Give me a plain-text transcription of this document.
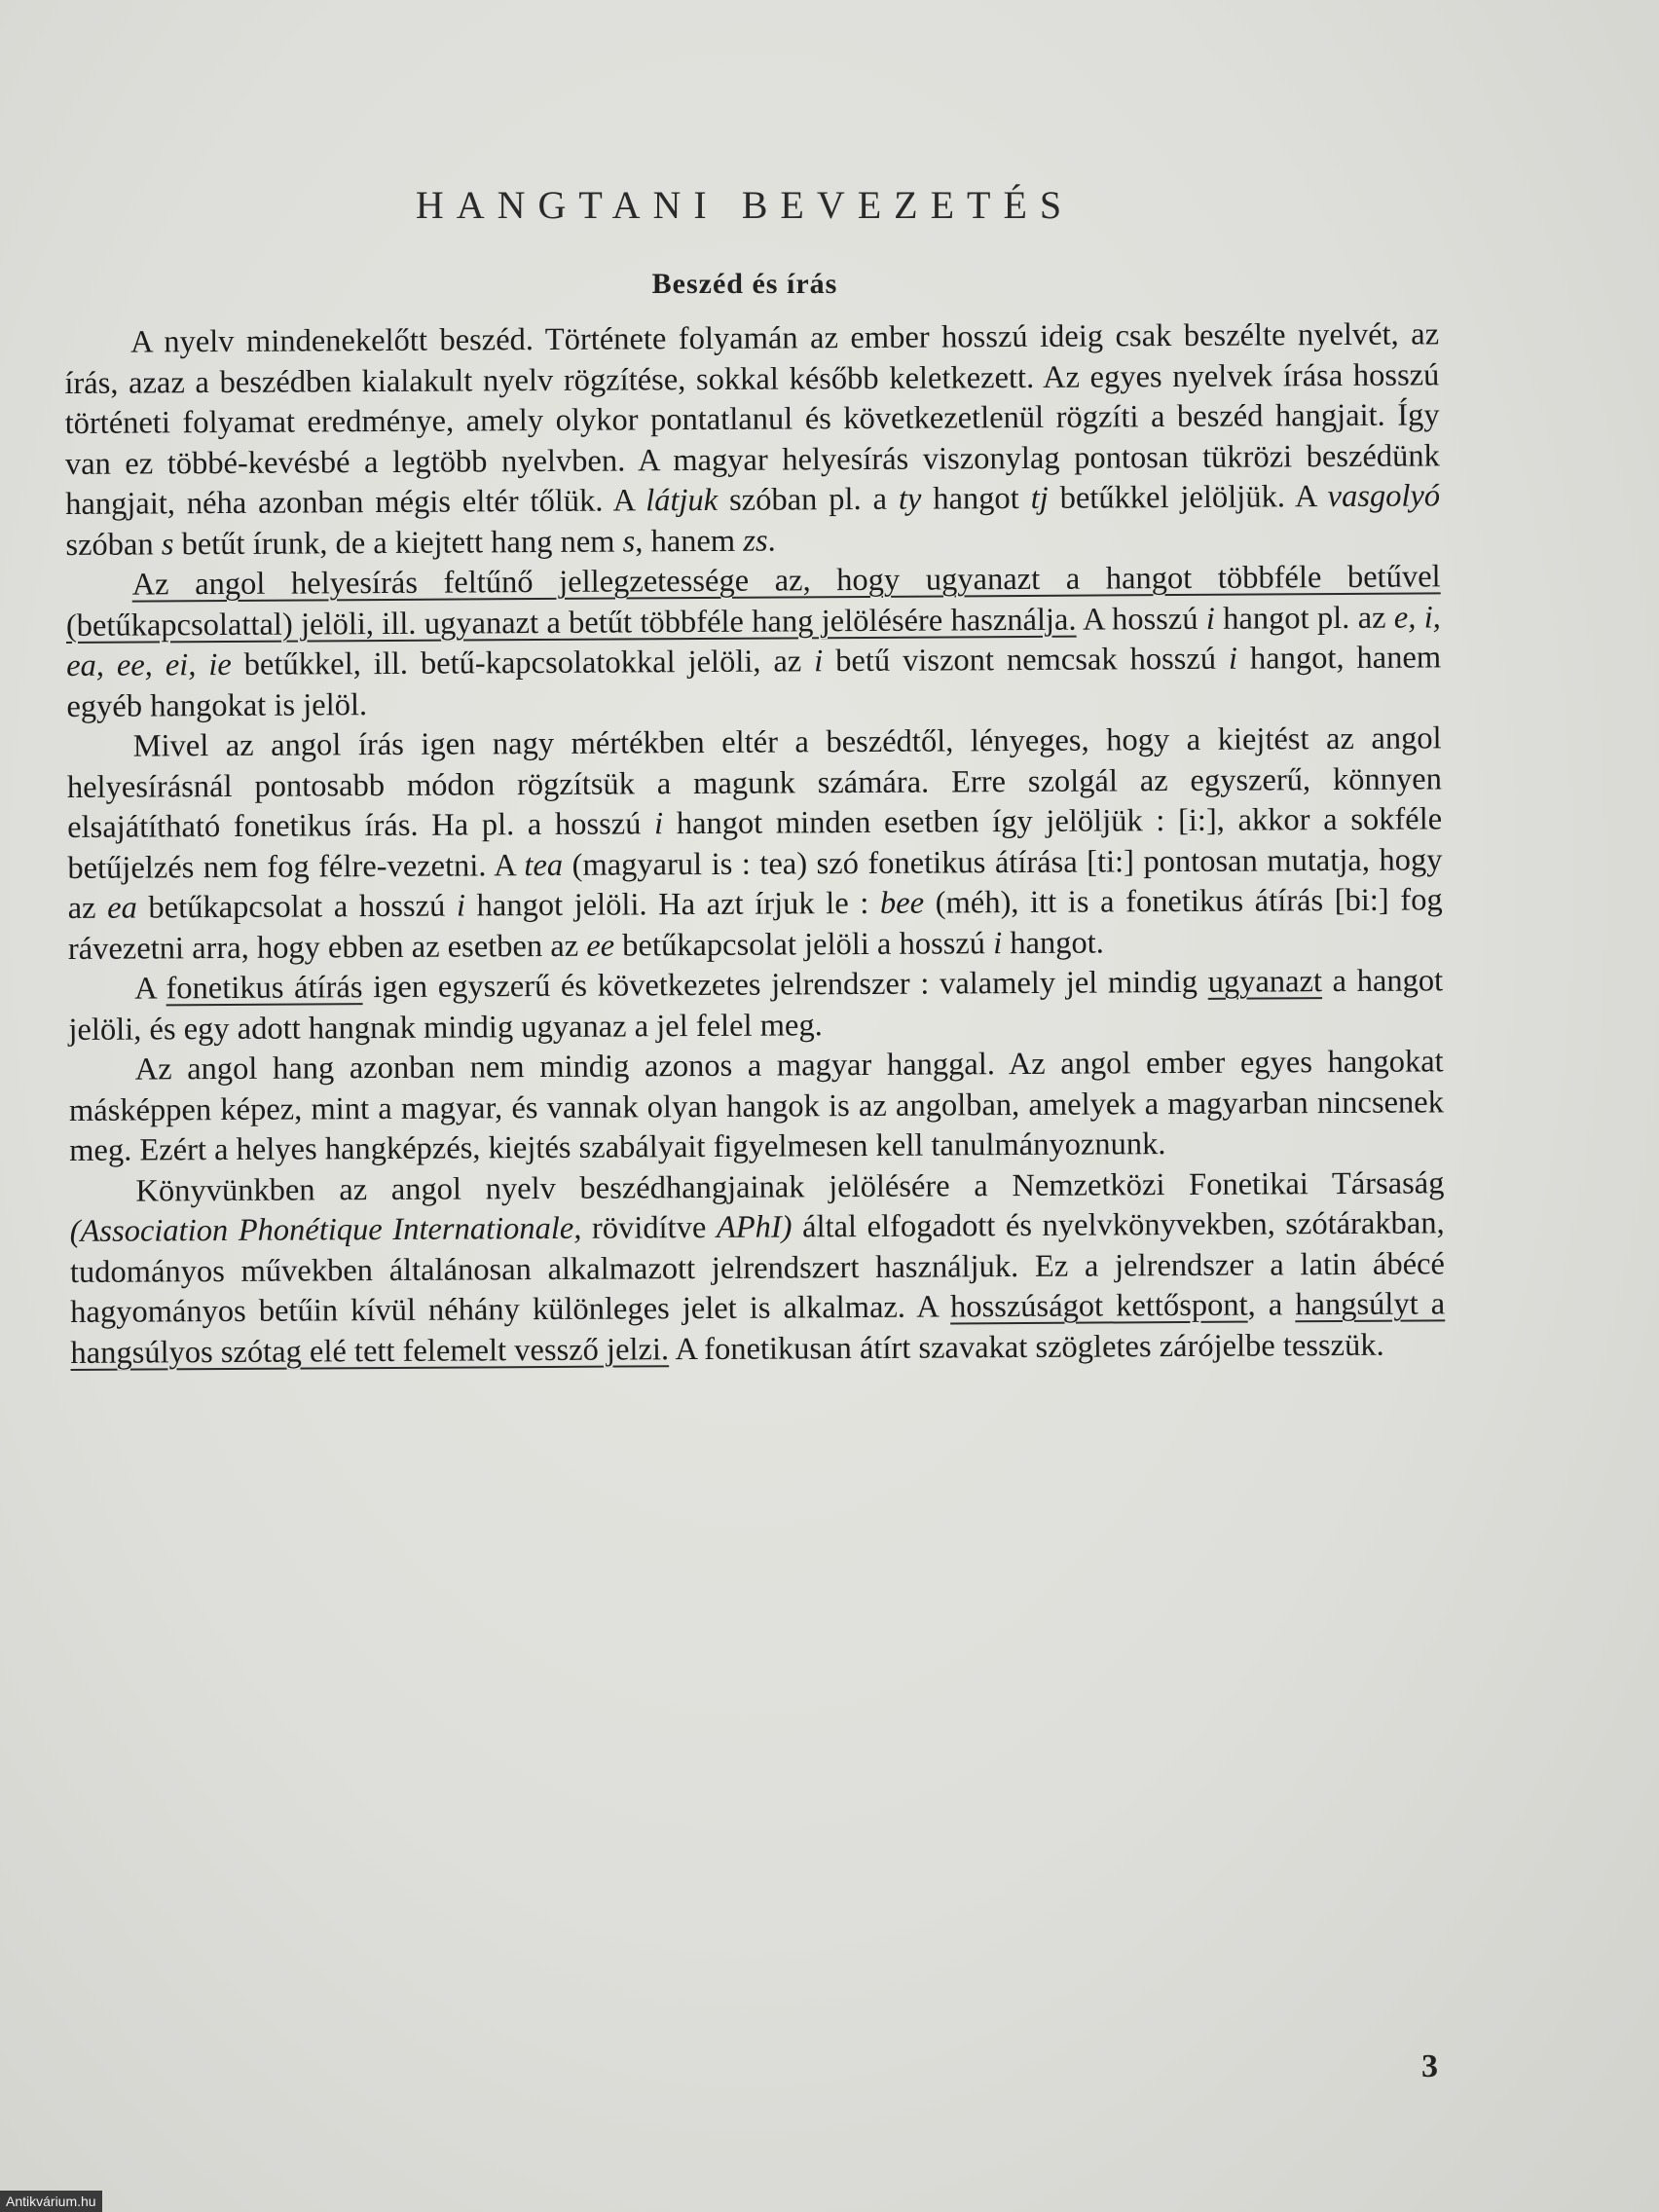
HANGTANI BEVEZETÉS
Beszéd és írás

A nyelv mindenekelőtt beszéd. Története folyamán az ember hosszú ideig csak beszélte nyelvét, az írás, azaz a beszédben kialakult nyelv rögzítése, sokkal később keletkezett. Az egyes nyelvek írása hosszú történeti folyamat eredménye, amely olykor pontatlanul és következetlenül rögzíti a beszéd hangjait. Így van ez többé-kevésbé a legtöbb nyelvben. A magyar helyesírás viszonylag pontosan tükrözi beszédünk hangjait, néha azonban mégis eltér tőlük. A látjuk szóban pl. a ty hangot tj betűkkel jelöljük. A vasgolyó szóban s betűt írunk, de a kiejtett hang nem s, hanem zs.

Az angol helyesírás feltűnő jellegzetessége az, hogy ugyanazt a hangot többféle betűvel (betűkapcsolattal) jelöli, ill. ugyanazt a betűt többféle hang jelölésére használja. A hosszú i hangot pl. az e, i, ea, ee, ei, ie betűkkel, ill. betű-kapcsolatokkal jelöli, az i betű viszont nemcsak hosszú i hangot, hanem egyéb hangokat is jelöl.

Mivel az angol írás igen nagy mértékben eltér a beszédtől, lényeges, hogy a kiejtést az angol helyesírásnál pontosabb módon rögzítsük a magunk számára. Erre szolgál az egyszerű, könnyen elsajátítható fonetikus írás. Ha pl. a hosszú i hangot minden esetben így jelöljük : [i:], akkor a sokféle betűjelzés nem fog félre-vezetni. A tea (magyarul is : tea) szó fonetikus átírása [ti:] pontosan mutatja, hogy az ea betűkapcsolat a hosszú i hangot jelöli. Ha azt írjuk le : bee (méh), itt is a fonetikus átírás [bi:] fog rávezetni arra, hogy ebben az esetben az ee betűkapcsolat jelöli a hosszú i hangot.

A fonetikus átírás igen egyszerű és következetes jelrendszer : valamely jel mindig ugyanazt a hangot jelöli, és egy adott hangnak mindig ugyanaz a jel felel meg.

Az angol hang azonban nem mindig azonos a magyar hanggal. Az angol ember egyes hangokat másképpen képez, mint a magyar, és vannak olyan hangok is az angolban, amelyek a magyarban nincsenek meg. Ezért a helyes hangképzés, kiejtés szabályait figyelmesen kell tanulmányoznunk.

Könyvünkben az angol nyelv beszédhangjainak jelölésére a Nemzetközi Fonetikai Társaság (Association Phonétique Internationale, rövidítve APhI) által elfogadott és nyelvkönyvekben, szótárakban, tudományos művekben általánosan alkalmazott jelrendszert használjuk. Ez a jelrendszer a latin ábécé hagyományos betűin kívül néhány különleges jelet is alkalmaz. A hosszúságot kettőspont, a hangsúlyt a hangsúlyos szótag elé tett felemelt vessző jelzi. A fonetikusan átírt szavakat szögletes zárójelbe tesszük.

3
Antikvárium.hu
